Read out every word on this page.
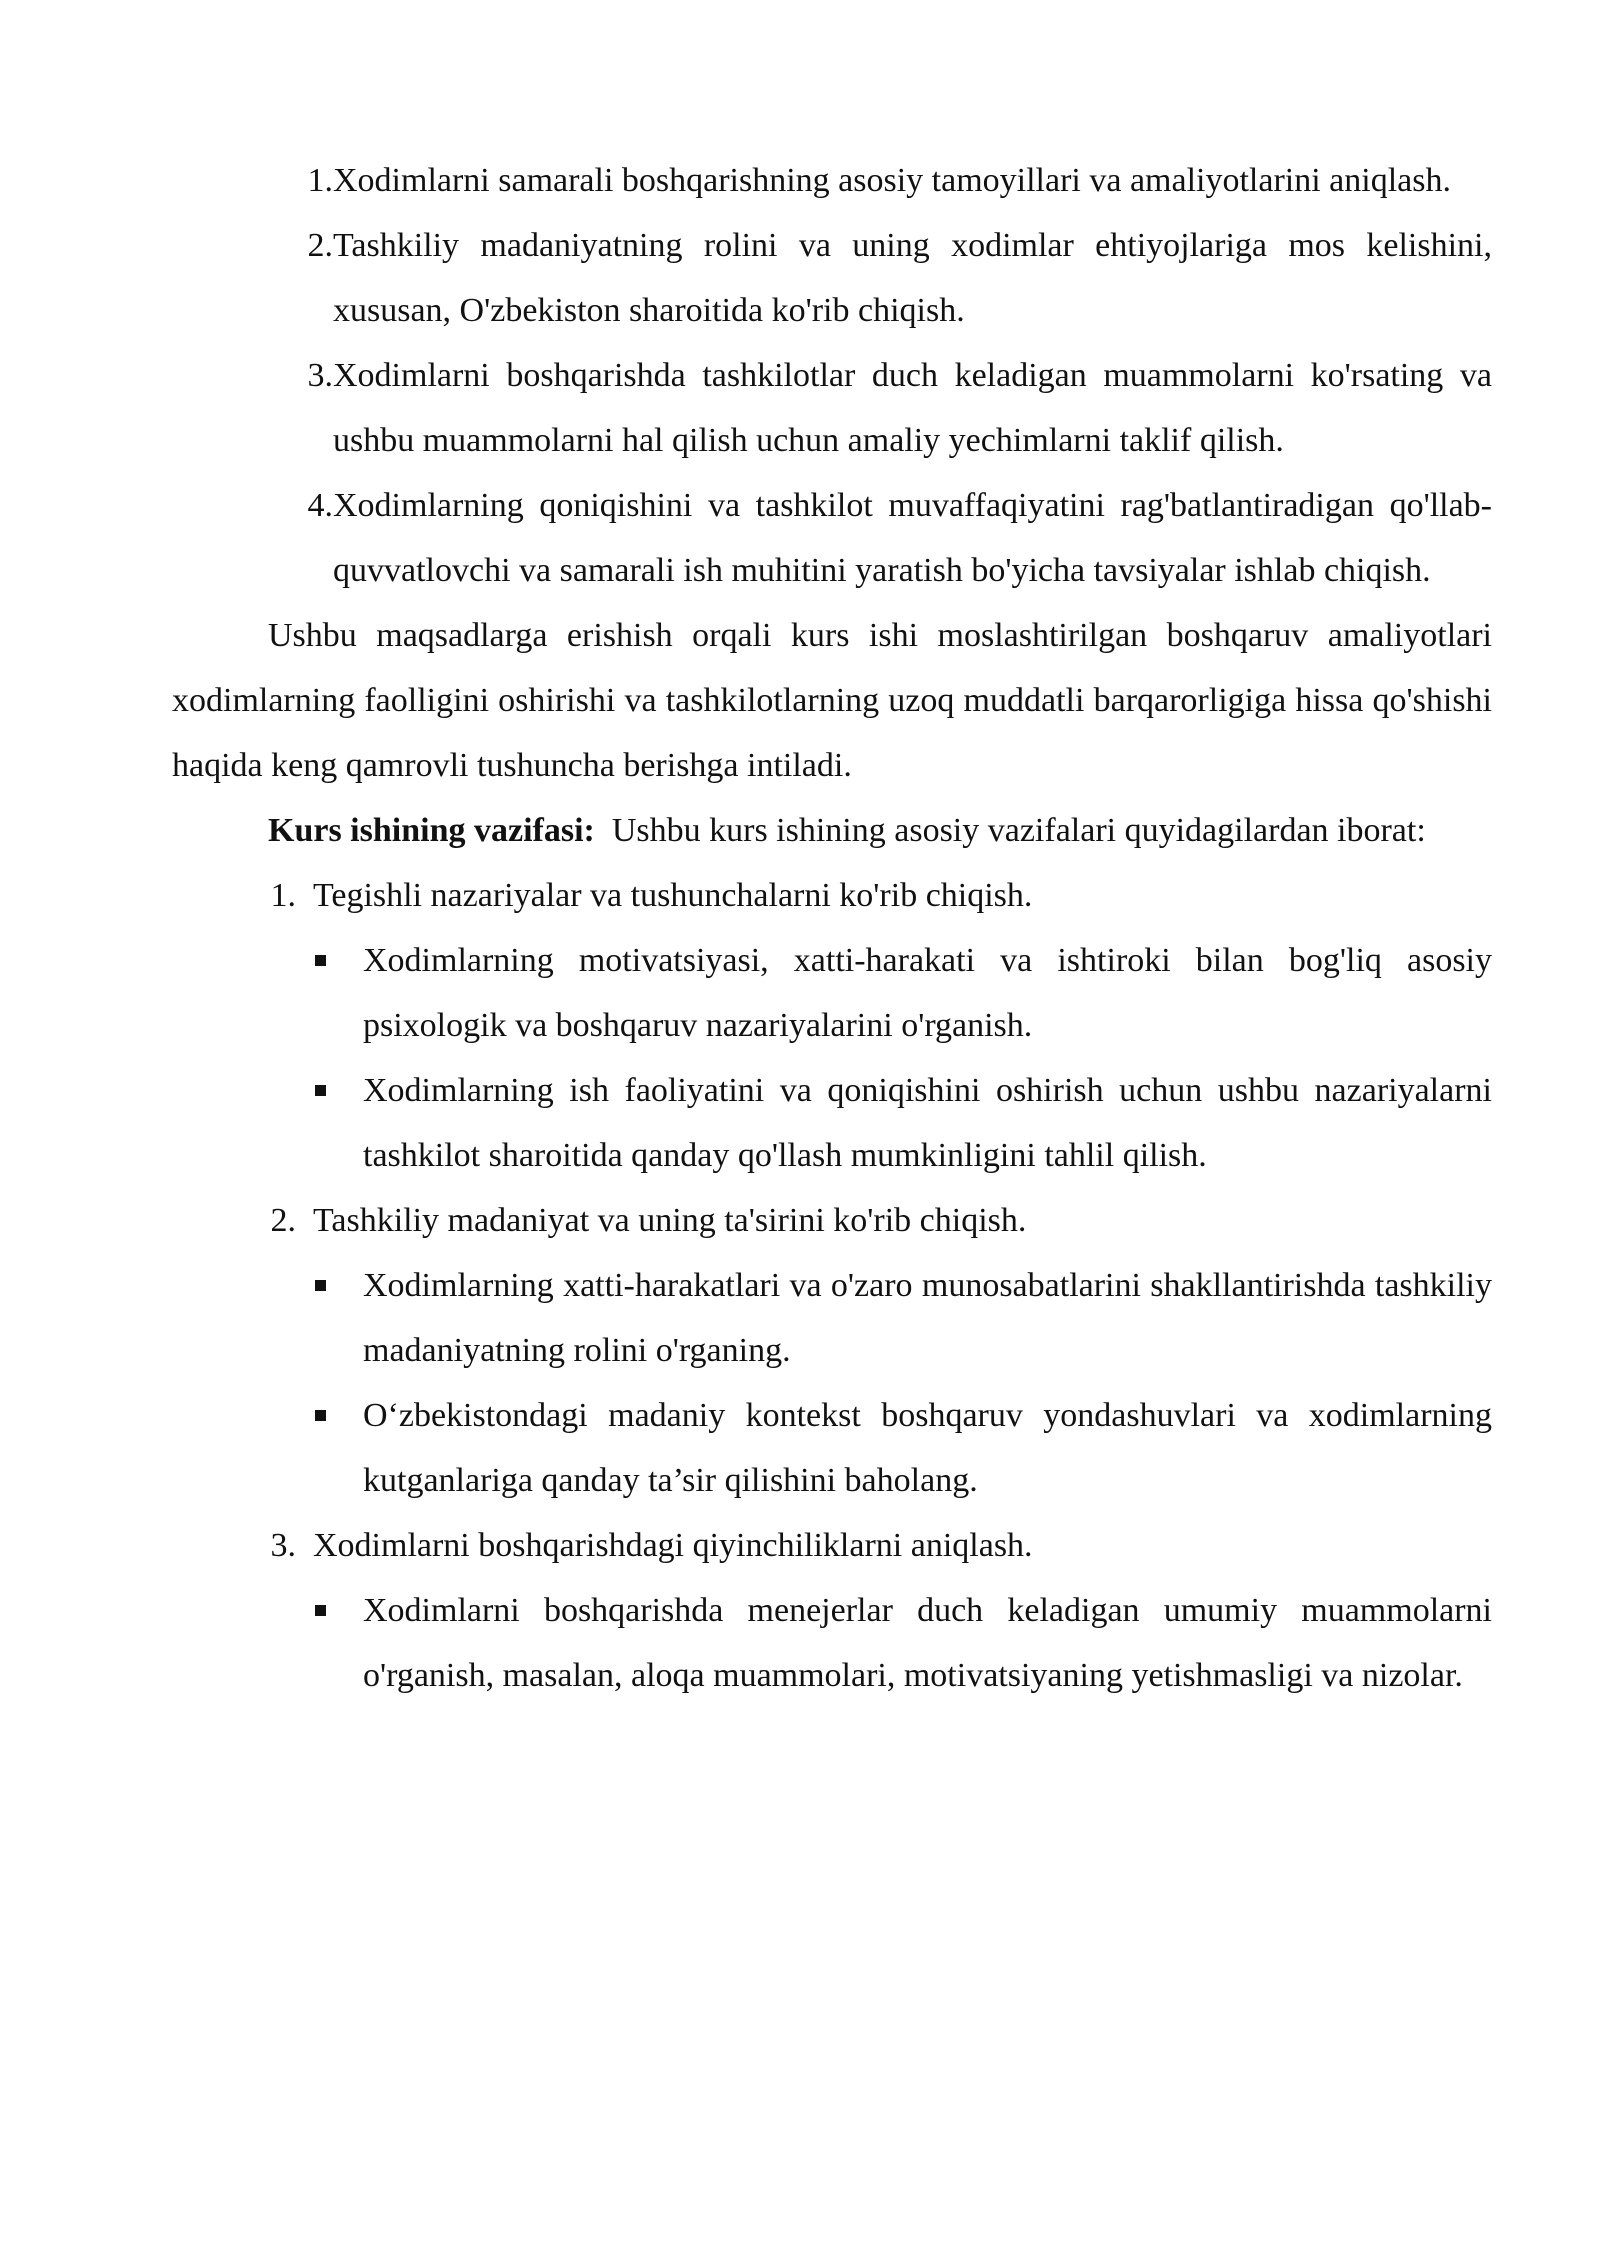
1. Xodimlarni samarali boshqarishning asosiy tamoyillari va amaliyotlarini aniqlash.
2. Tashkiliy madaniyatning rolini va uning xodimlar ehtiyojlariga mos kelishini, xususan, O'zbekiston sharoitida ko'rib chiqish.
3. Xodimlarni boshqarishda tashkilotlar duch keladigan muammolarni ko'rsating va ushbu muammolarni hal qilish uchun amaliy yechimlarni taklif qilish.
4. Xodimlarning qoniqishini va tashkilot muvaffaqiyatini rag'batlantiradigan qo'llab-quvvatlovchi va samarali ish muhitini yaratish bo'yicha tavsiyalar ishlab chiqish.
Ushbu maqsadlarga erishish orqali kurs ishi moslashtirilgan boshqaruv amaliyotlari xodimlarning faolligini oshirishi va tashkilotlarning uzoq muddatli barqarorligiga hissa qo'shishi haqida keng qamrovli tushuncha berishga intiladi.
Kurs ishining vazifasi: Ushbu kurs ishining asosiy vazifalari quyidagilardan iborat:
1. Tegishli nazariyalar va tushunchalarni ko'rib chiqish.
Xodimlarning motivatsiyasi, xatti-harakati va ishtiroki bilan bog'liq asosiy psixologik va boshqaruv nazariyalarini o'rganish.
Xodimlarning ish faoliyatini va qoniqishini oshirish uchun ushbu nazariyalarni tashkilot sharoitida qanday qo'llash mumkinligini tahlil qilish.
2. Tashkiliy madaniyat va uning ta'sirini ko'rib chiqish.
Xodimlarning xatti-harakatlari va o'zaro munosabatlarini shakllantirishda tashkiliy madaniyatning rolini o'rganing.
O‘zbekistondagi madaniy kontekst boshqaruv yondashuvlari va xodimlarning kutganlariga qanday ta’sir qilishini baholang.
3. Xodimlarni boshqarishdagi qiyinchiliklarni aniqlash.
Xodimlarni boshqarishda menejerlar duch keladigan umumiy muammolarni o'rganish, masalan, aloqa muammolari, motivatsiyaning yetishmasligi va nizolar.
